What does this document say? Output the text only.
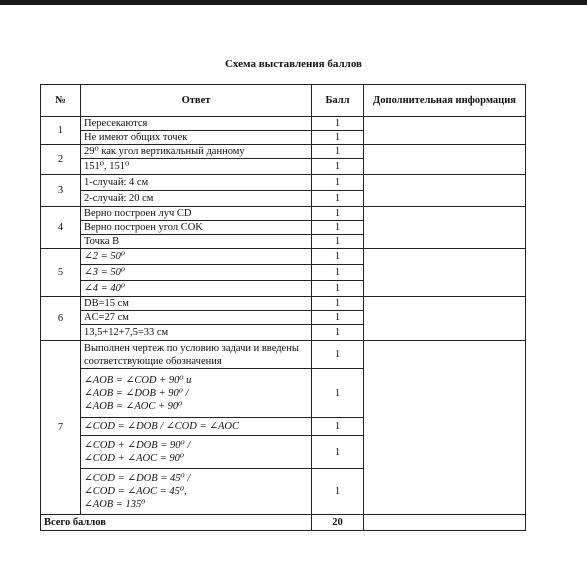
Схема выставления баллов
№	Ответ	Балл	Дополнительная информация
1	Пересекаются	1	
	Не имеют общих точек	1	
2	29⁰ как угол вертикальный данному	1	
	151⁰, 151⁰	1	
3	1-случай: 4 см	1	
	2-случай: 20 см	1	
4	Верно построен луч CD	1	
	Верно построен угол COK	1	
	Точка B	1	
5	∠2 = 50⁰	1	
	∠3 = 50⁰	1	
	∠4 = 40⁰	1	
6	DB=15 см	1	
	AC=27 см	1	
	13,5+12+7,5=33 см	1	
7	Выполнен чертеж по условию задачи и введены соответствующие обозначения	1	

	∠AOB = ∠COD + 90⁰ и
∠AOB = ∠DOB + 90⁰ /
∠AOB = ∠AOC + 90⁰	1	
	∠COD = ∠DOB / ∠COD = ∠AOC	1	

	∠COD + ∠DOB = 90⁰ /
∠COD + ∠AOC = 90⁰	1	

	∠COD = ∠DOB = 45⁰ /
∠COD = ∠AOC = 45⁰,
∠AOB = 135⁰	1	
Всего баллов		20	
